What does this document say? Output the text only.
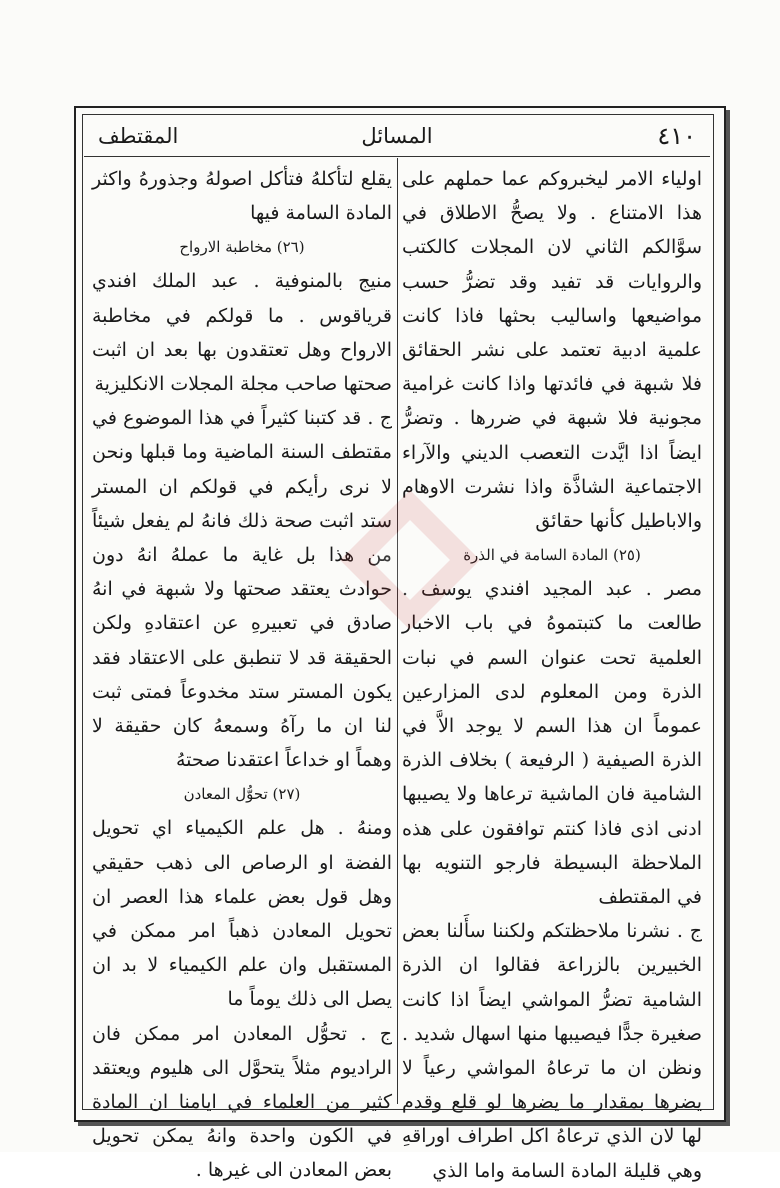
٤١٠
المسائل
المقتطف

اولياء الامر ليخبروكم عما حملهم على هذا الامتناع . ولا يصحُّ الاطلاق في سوَّالكم الثاني لان المجلات كالكتب والروايات قد تفيد وقد تضرُّ حسب مواضيعها واساليب بحثها فاذا كانت علمية ادبية تعتمد على نشر الحقائق فلا شبهة في فائدتها واذا كانت غرامية مجونية فلا شبهة في ضررها . وتضرُّ ايضاً اذا ايَّدت التعصب الديني والآراء الاجتماعية الشاذَّة واذا نشرت الاوهام والاباطيل كأنها حقائق

(٢٥) المادة السامة في الذرة

مصر . عبد المجيد افندي يوسف . طالعت ما كتبتموهُ في باب الاخبار العلمية تحت عنوان السم في نبات الذرة ومن المعلوم لدى المزارعين عموماً ان هذا السم لا يوجد الاَّ في الذرة الصيفية ( الرفيعة ) بخلاف الذرة الشامية فان الماشية ترعاها ولا يصيبها ادنى اذى فاذا كنتم توافقون على هذه الملاحظة البسيطة فارجو التنويه بها في المقتطف

ج . نشرنا ملاحظتكم ولكننا سأَلنا بعض الخبيرين بالزراعة فقالوا ان الذرة الشامية تضرُّ المواشي ايضاً اذا كانت صغيرة جدًّا فيصيبها منها اسهال شديد . ونظن ان ما ترعاهُ المواشي رعياً لا يضرها بمقدار ما يضرها لو قلع وقدم لها لان الذي ترعاهُ اكل اطراف اوراقهِ وهي قليلة المادة السامة واما الذي

يقلع لتأكلهُ فتأكل اصولهُ وجذورهُ واكثر المادة السامة فيها

(٢٦) مخاطبة الارواح

منيج بالمنوفية . عبد الملك افندي قرياقوس . ما قولكم في مخاطبة الارواح وهل تعتقدون بها بعد ان اثبت صحتها صاحب مجلة المجلات الانكليزية

ج . قد كتبنا كثيراً في هذا الموضوع في مقتطف السنة الماضية وما قبلها ونحن لا نرى رأيكم في قولكم ان المستر ستد اثبت صحة ذلك فانهُ لم يفعل شيئاً من هذا بل غاية ما عملهُ انهُ دون حوادث يعتقد صحتها ولا شبهة في انهُ صادق في تعبيرهِ عن اعتقادهِ ولكن الحقيقة قد لا تنطبق على الاعتقاد فقد يكون المستر ستد مخدوعاً فمتى ثبت لنا ان ما رآهُ وسمعهُ كان حقيقة لا وهماً او خداعاً اعتقدنا صحتهُ

(٢٧) تحوُّل المعادن

ومنهُ . هل علم الكيمياء اي تحويل الفضة او الرصاص الى ذهب حقيقي وهل قول بعض علماء هذا العصر ان تحويل المعادن ذهباً امر ممكن في المستقبل وان علم الكيمياء لا بد ان يصل الى ذلك يوماً ما

ج . تحوُّل المعادن امر ممكن فان الراديوم مثلاً يتحوَّل الى هليوم ويعتقد كثير من العلماء في ايامنا ان المادة في الكون واحدة وانهُ يمكن تحويل بعض المعادن الى غيرها .
